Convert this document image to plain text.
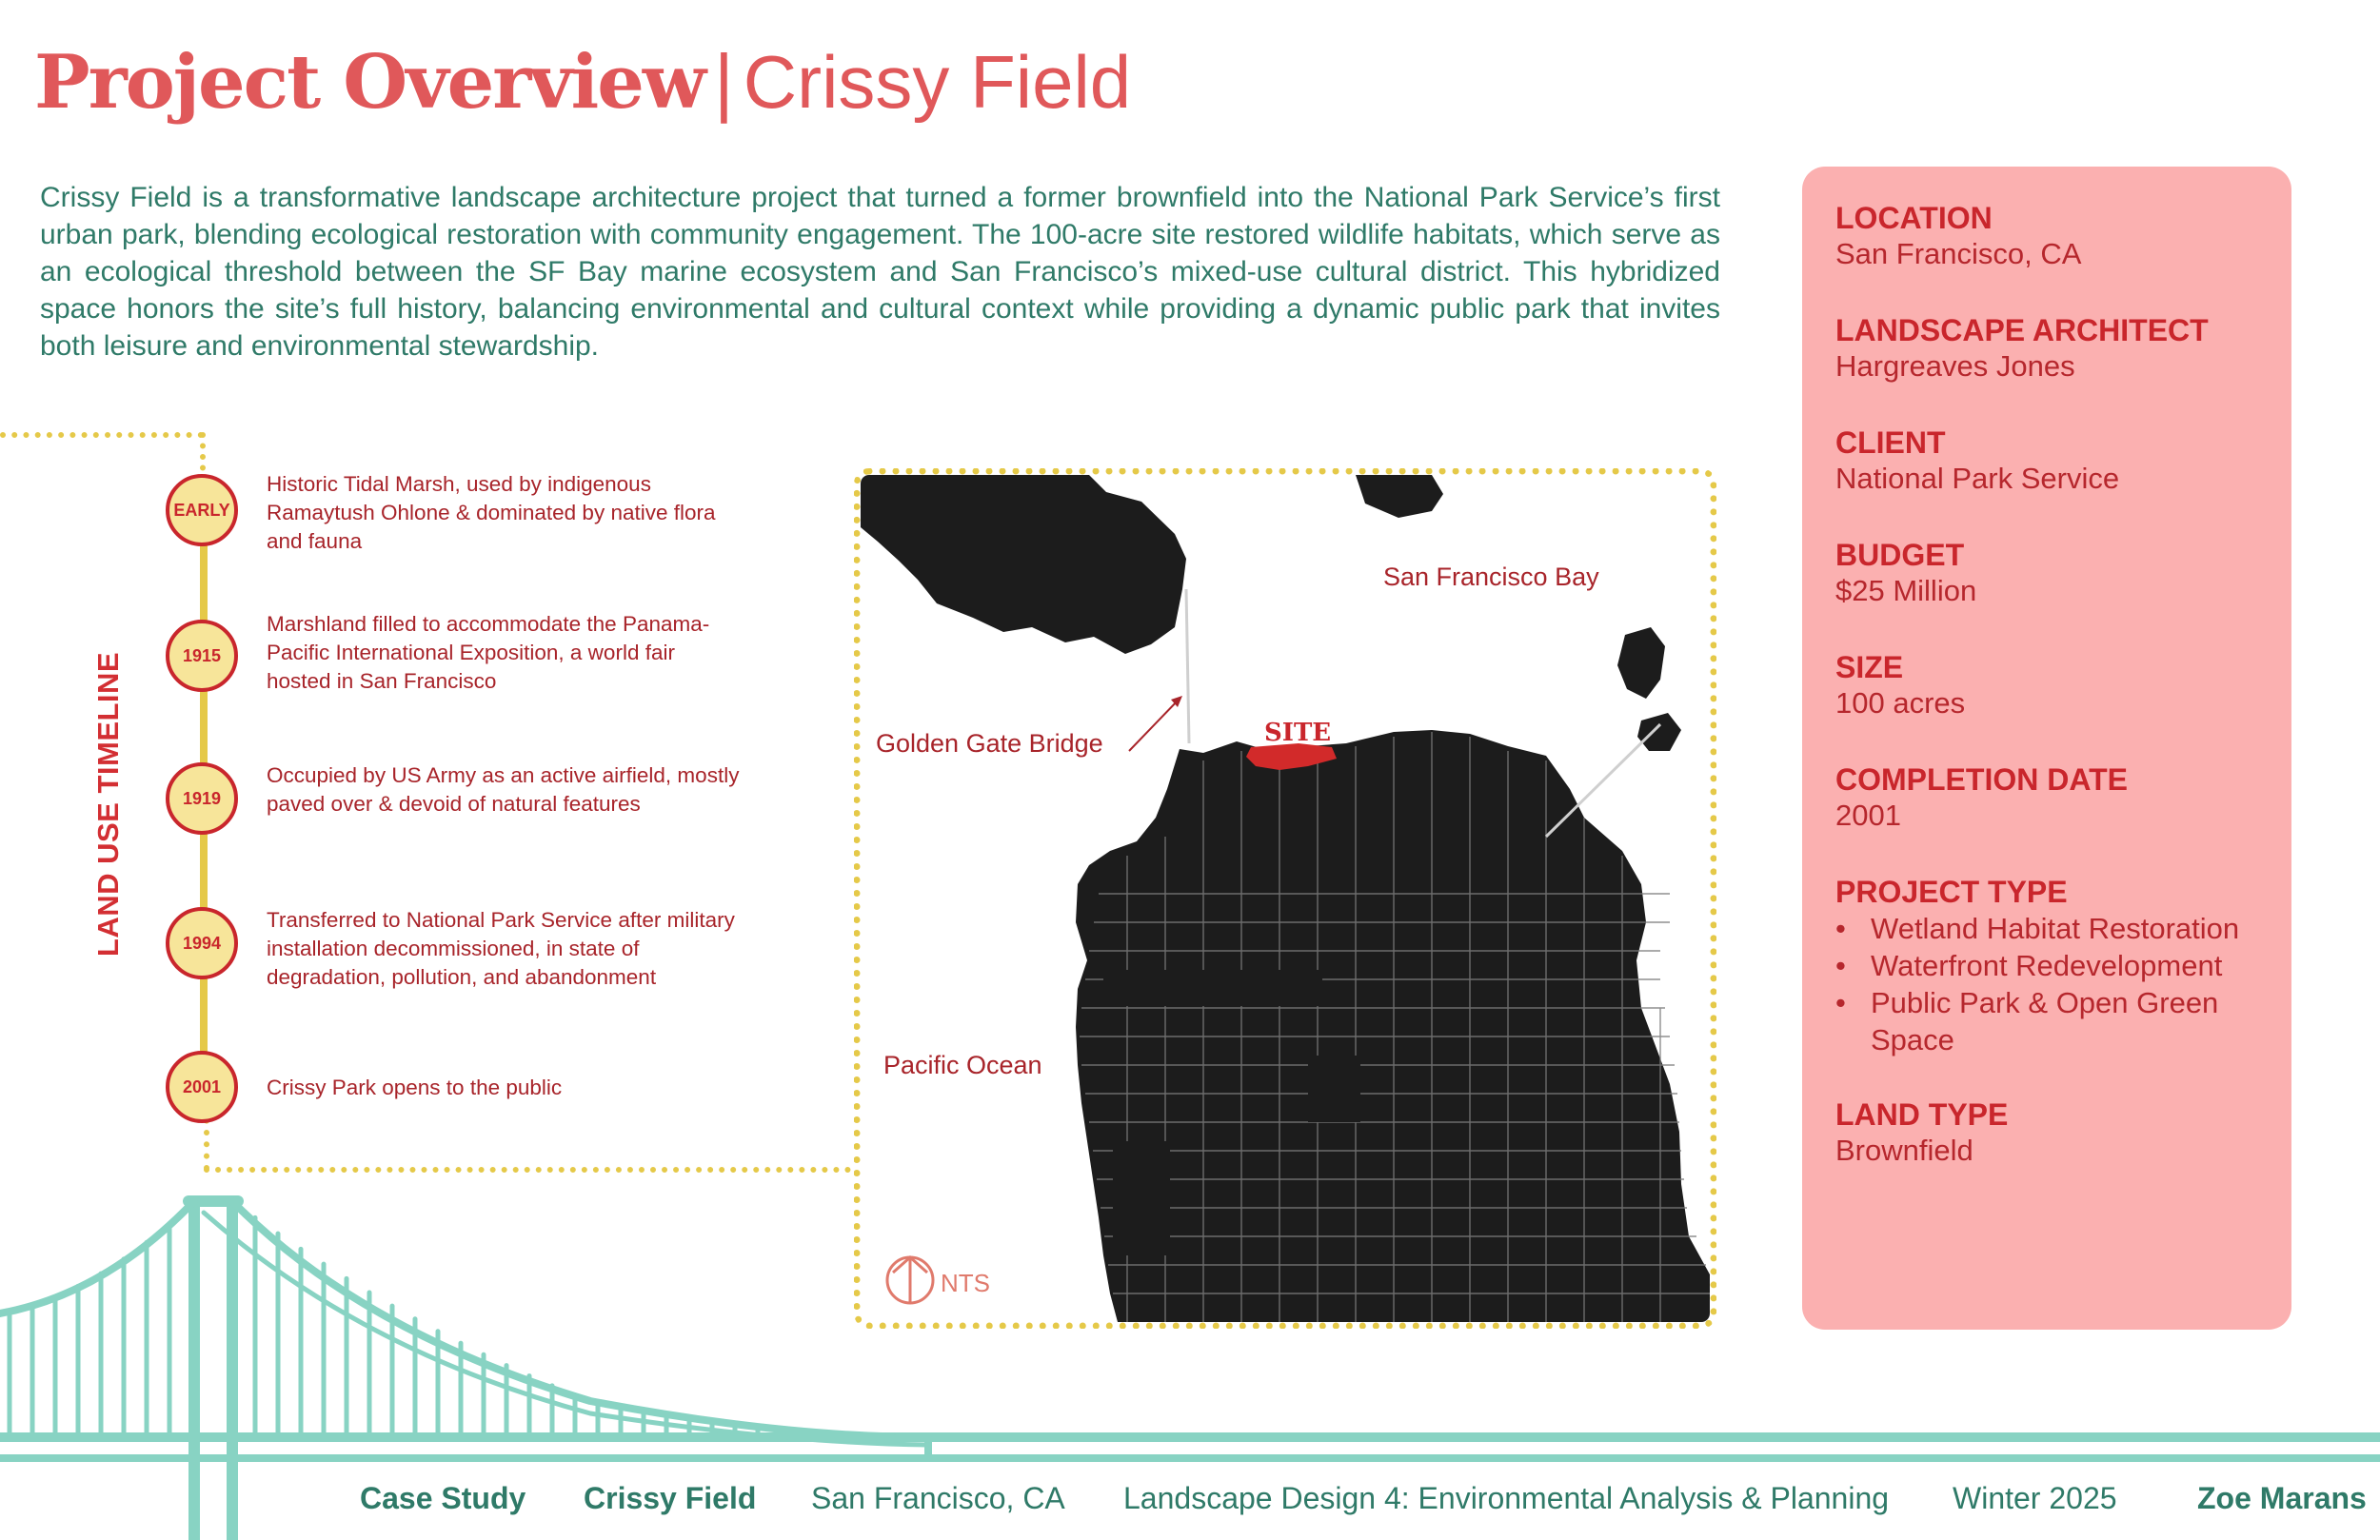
Project Overview | Crissy Field
Crissy Field is a transformative landscape architecture project that turned a former brownfield into the National Park Service’s first urban park, blending ecological restoration with community engagement. The 100-acre site restored wildlife habitats, which serve as an ecological threshold between the SF Bay marine ecosystem and San Francisco’s mixed-use cultural district. This hybridized space honors the site’s full history, balancing environmental and cultural context while providing a dynamic public park that invites both leisure and environmental stewardship.
LAND USE TIMELINE
EARLY
Historic Tidal Marsh, used by indigenous Ramaytush Ohlone & dominated by native flora and fauna
1915
Marshland filled to accommodate the Panama-Pacific International Exposition, a world fair hosted in San Francisco
1919
Occupied by US Army as an active airfield, mostly paved over & devoid of natural features
1994
Transferred to National Park Service after military installation decommissioned, in state of degradation, pollution, and abandonment
2001	Crissy Park opens to the public
San Francisco Bay
Golden Gate Bridge
Pacific Ocean
SITE
NTS
LOCATION
San Francisco, CA
LANDSCAPE ARCHITECT
Hargreaves Jones
CLIENT
National Park Service
BUDGET
$25 Million
SIZE
100 acres
COMPLETION DATE
2001
PROJECT TYPE
• Wetland Habitat Restoration
• Waterfront Redevelopment
• Public Park & Open Green Space
LAND TYPE
Brownfield
Case Study Crissy Field San Francisco, CA Landscape Design 4: Environmental Analysis & Planning Winter 2025	Zoe Marans
